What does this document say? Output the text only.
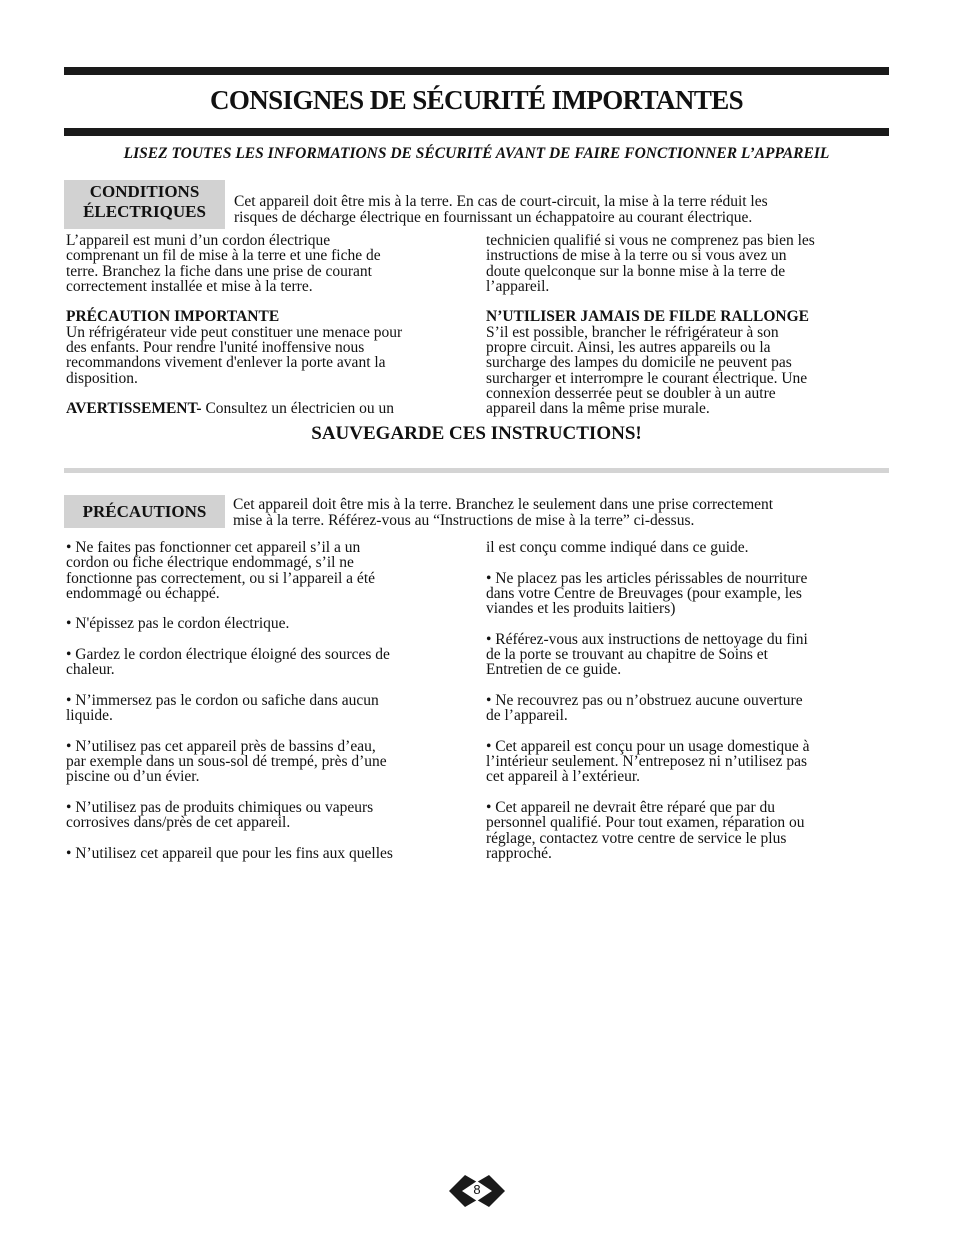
CONSIGNES DE SÉCURITÉ IMPORTANTES
LISEZ TOUTES LES INFORMATIONS DE SÉCURITÉ AVANT DE FAIRE FONCTIONNER L’APPAREIL
CONDITIONS
ÉLECTRIQUES
Cet appareil doit être mis à la terre. En cas de court-circuit, la mise à la terre réduit les
risques de décharge électrique en fournissant un échappatoire au courant électrique.
L’appareil est muni d’un cordon électrique
comprenant un fil de mise à la terre et une fiche de
terre. Branchez la fiche dans une prise de courant
correctement installée et mise à la terre.
PRÉCAUTION IMPORTANTE
Un réfrigérateur vide peut constituer une menace pour
des enfants. Pour rendre l'unité inoffensive nous
recommandons vivement d'enlever la porte avant la
disposition.
AVERTISSEMENT- Consultez un électricien ou un
technicien qualifié si vous ne comprenez pas bien les
instructions de mise à la terre ou si vous avez un
doute quelconque sur la bonne mise à la terre de
l’appareil.
N’UTILISER JAMAIS DE FILDE RALLONGE
S’il est possible, brancher le réfrigérateur à son
propre circuit. Ainsi, les autres appareils ou la
surcharge des lampes du domicile ne peuvent pas
surcharger et interrompre le courant électrique. Une
connexion desserrée peut se doubler à un autre
appareil dans la même prise murale.
SAUVEGARDE CES INSTRUCTIONS!
PRÉCAUTIONS	Cet appareil doit être mis à la terre. Branchez le seulement dans une prise correctement
mise à la terre. Référez-vous au “Instructions de mise à la terre” ci-dessus.
• Ne faites pas fonctionner cet appareil s’il a un
cordon ou fiche électrique endommagé, s’il ne
fonctionne pas correctement, ou si l’appareil a été
endommagé ou échappé.
• N'épissez pas le cordon électrique.
• Gardez le cordon électrique éloigné des sources de
chaleur.
• N’immersez pas le cordon ou safiche dans aucun
liquide.
• N’utilisez pas cet appareil près de bassins d’eau,
par exemple dans un sous-sol dé trempé, près d’une
piscine ou d’un évier.
• N’utilisez pas de produits chimiques ou vapeurs
corrosives dans/près de cet appareil.
• N’utilisez cet appareil que pour les fins aux quelles
il est conçu comme indiqué dans ce guide.
• Ne placez pas les articles périssables de nourriture
dans votre Centre de Breuvages (pour example, les
viandes et les produits laitiers)
• Référez-vous aux instructions de nettoyage du fini
de la porte se trouvant au chapitre de Soins et
Entretien de ce guide.
• Ne recouvrez pas ou n’obstruez aucune ouverture
de l’appareil.
• Cet appareil est conçu pour un usage domestique à
l’intérieur seulement. N’entreposez ni n’utilisez pas
cet appareil à l’extérieur.
• Cet appareil ne devrait être réparé que par du
personnel qualifié. Pour tout examen, réparation ou
réglage, contactez votre centre de service le plus
rapproché.
8
